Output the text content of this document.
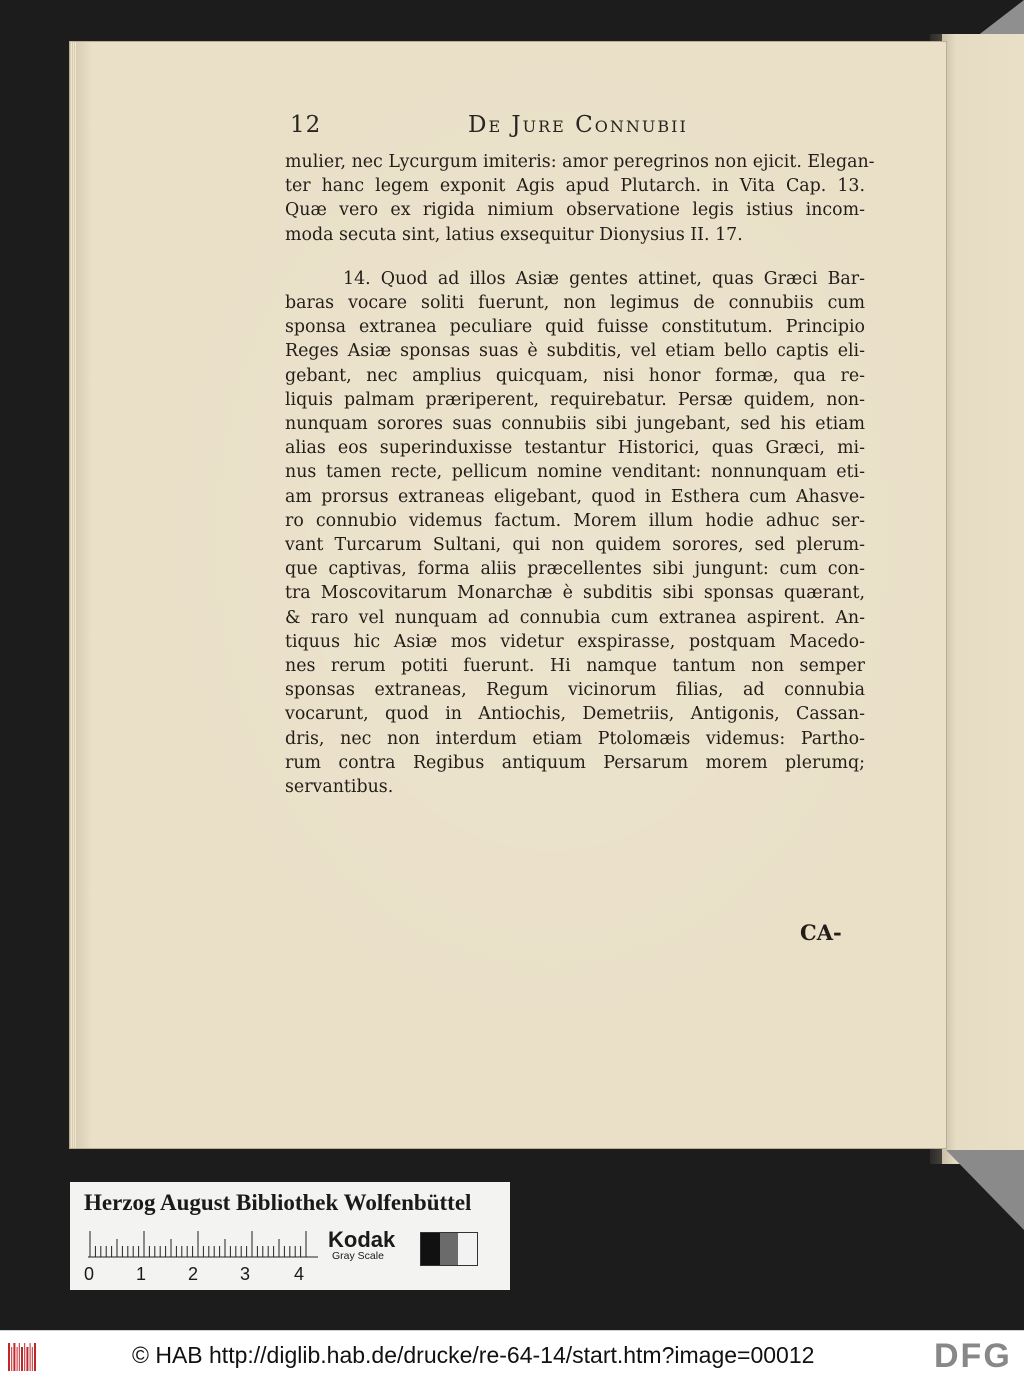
12	De Jure Connubii

mulier, nec Lycurgum imiteris: amor peregrinos non ejicit. Elegan-
ter hanc legem exponit Agis apud Plutarch. in Vita Cap. 13.
Quæ vero ex rigida nimium observatione legis istius incom-
moda secuta sint, latius exsequitur Dionysius II. 17.

14. Quod ad illos Asiæ gentes attinet, quas Græci Bar-
baras vocare soliti fuerunt, non legimus de connubiis cum
sponsa extranea peculiare quid fuisse constitutum. Principio
Reges Asiæ sponsas suas è subditis, vel etiam bello captis eli-
gebant, nec amplius quicquam, nisi honor formæ, qua re-
liquis palmam præriperent, requirebatur. Persæ quidem, non-
nunquam sorores suas connubiis sibi jungebant, sed his etiam
alias eos superinduxisse testantur Historici, quas Græci, mi-
nus tamen recte, pellicum nomine venditant: nonnunquam eti-
am prorsus extraneas eligebant, quod in Esthera cum Ahasve-
ro connubio videmus factum. Morem illum hodie adhuc ser-
vant Turcarum Sultani, qui non quidem sorores, sed plerum-
que captivas, forma aliis præcellentes sibi jungunt: cum con-
tra Moscovitarum Monarchæ è subditis sibi sponsas quærant,
& raro vel nunquam ad connubia cum extranea aspirent. An-
tiquus hic Asiæ mos videtur exspirasse, postquam Macedo-
nes rerum potiti fuerunt. Hi namque tantum non semper
sponsas extraneas, Regum vicinorum filias, ad connubia
vocarunt, quod in Antiochis, Demetriis, Antigonis, Cassan-
dris, nec non interdum etiam Ptolomæis videmus: Partho-
rum contra Regibus antiquum Persarum morem plerumq;
servantibus.

CA-
Herzog August Bibliothek Wolfenbüttel
0 1 2 3 4
Kodak
Gray Scale
© HAB http://diglib.hab.de/drucke/re-64-14/start.htm?image=00012	DFG
